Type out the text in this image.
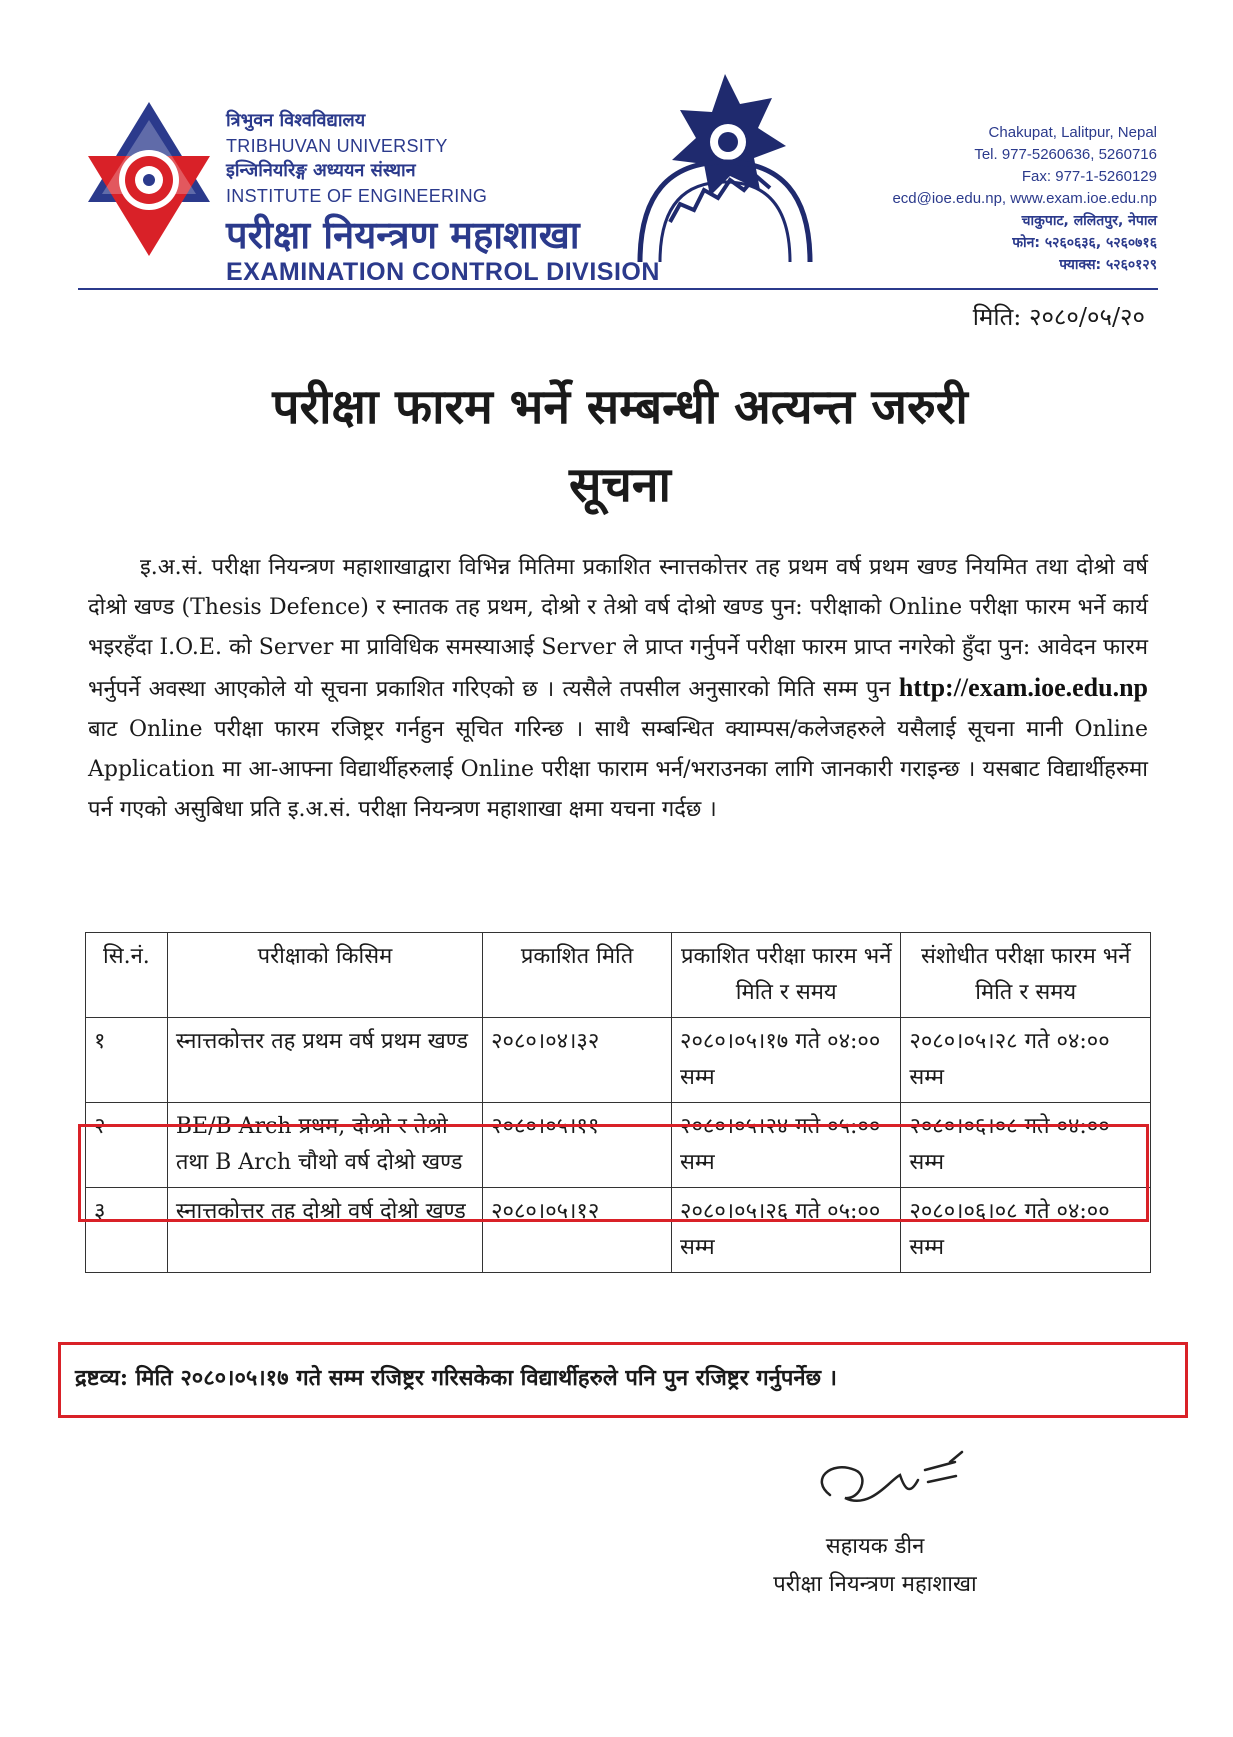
त्रिभुवन विश्वविद्यालय
TRIBHUVAN UNIVERSITY
इन्जिनियरिङ्ग अध्ययन संस्थान
INSTITUTE OF ENGINEERING
परीक्षा नियन्त्रण महाशाखा
EXAMINATION CONTROL DIVISION
Chakupat, Lalitpur, Nepal
Tel. 977-5260636, 5260716
Fax: 977-1-5260129
ecd@ioe.edu.np, www.exam.ioe.edu.np
चाकुपाट, ललितपुर, नेपाल
फोन: ५२६०६३६, ५२६०७१६
फ्याक्स: ५२६०१२९
मिति: २०८०/०५/२०
परीक्षा फारम भर्ने सम्बन्धी अत्यन्त जरुरी
सूचना
इ.अ.सं. परीक्षा नियन्त्रण महाशाखाद्वारा विभिन्न मितिमा प्रकाशित स्नात्तकोत्तर तह प्रथम वर्ष प्रथम खण्ड नियमित तथा दोश्रो वर्ष दोश्रो खण्ड (Thesis Defence) र स्नातक तह प्रथम, दोश्रो र तेश्रो वर्ष दोश्रो खण्ड पुन: परीक्षाको Online परीक्षा फारम भर्ने कार्य भइरहँदा I.O.E. को Server मा प्राविधिक समस्याआई Server ले प्राप्त गर्नुपर्ने परीक्षा फारम प्राप्त नगरेको हुँदा पुन: आवेदन फारम भर्नुपर्ने अवस्था आएकोले यो सूचना प्रकाशित गरिएको छ । त्यसैले तपसील अनुसारको मिति सम्म पुन http://exam.ioe.edu.np बाट Online परीक्षा फारम रजिष्ट्रर गर्नहुन सूचित गरिन्छ । साथै सम्बन्धित क्याम्पस/कलेजहरुले यसैलाई सूचना मानी Online Application मा आ-आफ्ना विद्यार्थीहरुलाई Online परीक्षा फाराम भर्न/भराउनका लागि जानकारी गराइन्छ । यसबाट विद्यार्थीहरुमा पर्न गएको असुबिधा प्रति इ.अ.सं. परीक्षा नियन्त्रण महाशाखा क्षमा यचना गर्दछ ।
सि.नं.	परीक्षाको किसिम	प्रकाशित मिति	प्रकाशित परीक्षा फारम भर्ने मिति र समय	संशोधीत परीक्षा फारम भर्ने मिति र समय
१	स्नात्तकोत्तर तह प्रथम वर्ष प्रथम खण्ड	२०८०।०४।३२	२०८०।०५।१७ गते ०४:०० सम्म	२०८०।०५।२८ गते ०४:०० सम्म
२	BE/B Arch प्रथम, दोश्रो र तेश्रो तथा B Arch चौथो वर्ष दोश्रो खण्ड	२०८०।०५।११	२०८०।०५।२४ गते ०५:०० सम्म	२०८०।०६।०८ गते ०४:०० सम्म
३	स्नात्तकोत्तर तह दोश्रो वर्ष दोश्रो खण्ड	२०८०।०५।१२	२०८०।०५।२६ गते ०५:०० सम्म	२०८०।०६।०८ गते ०४:०० सम्म
द्रष्टव्य: मिति २०८०।०५।१७ गते सम्म रजिष्ट्रर गरिसकेका विद्यार्थीहरुले पनि पुन रजिष्ट्रर गर्नुपर्नेछ ।
सहायक डीन
परीक्षा नियन्त्रण महाशाखा
